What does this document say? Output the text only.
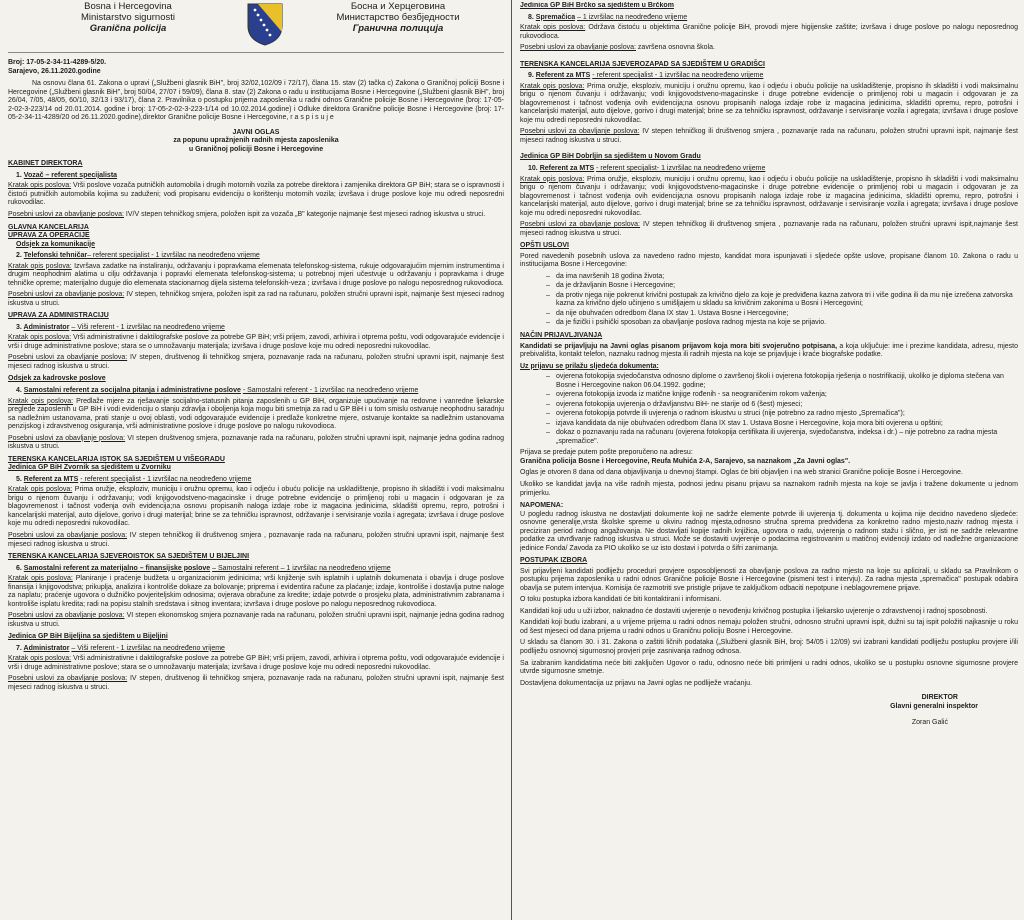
Bosna i Hercegovina
Ministarstvo sigurnosti
Granična policija
Босна и Херцеговина
Министарство безбједности
Гранична полиција
Broj: 17-05-2-34-11-4289-5/20.
Sarajevo, 26.11.2020.godine

Na osnovu člana 61. Zakona o upravi („Službeni glasnik BiH", broj 32/02,102/09 i 72/17), člana 15. stav (2) tačka c) Zakona o Graničnoj policiji Bosne i Hercegovine („Službeni glasnik BiH", broj 50/04, 27/07 i 59/09), člana 8. stav (2) Zakona o radu u institucijama Bosne i Hercegovine („Službeni glasnik BiH", broj 26/04, 7/05, 48/05, 60/10, 32/13 i 93/17), člana 2. Pravilnika o postupku prijema zaposlenika u radni odnos Granične policije Bosne i Hercegovine (broj: 17-05-2-02-3-223/14 od 20.01.2014. godine i broj: 17-05-2-02-3-223-1/14 od 10.02.2014.godine) i Odluke direktora Granične policije Bosne i Hercegovine (broj: 17-05-2-34-11-4289/20 od 26.11.2020.godine),direktor Granične policije Bosne i Hercegovine, r a s p i s u j e

JAVNI OGLAS
za popunu upražnjenih radnih mjesta zaposlenika
u Graničnoj policiji Bosne i Hercegovine
KABINET DIREKTORA
1. Vozač – referent specijalista

Kratak opis poslova: Vrši poslove vozača putničkih automobila i drugih motornih vozila za potrebe direktora i zamjenika direktora GP BiH; stara se o ispravnosti i čistoći putničkih automobila kojima su zaduženi; vodi propisanu evidenciju o korištenju motornih vozila; izvršava i druge poslove koje mu odredi neposredni rukovodilac.

Posebni uslovi za obavljanje poslova: IV/V stepen tehničkog smjera, položen ispit za vozača „B" kategorije najmanje šest mjeseci radnog iskustva u struci.

GLAVNA KANCELARIJA
UPRAVA ZA OPERACIJE
Odsjek za komunikacije
2. Telefonski tehničar– referent specijalist - 1 izvršilac na neodređeno vrijeme

Kratak opis poslova: Izvršava zadatke na instaliranju, održavanju i popravkama elemenata telefonskog-sistema, rukuje odgovarajućim mjernim instrumentima i drugim neophodnim alatima u cilju održavanja i popravki elemenata telefonskog-sistema; u potrebnoj mjeri učestvuje u održavanju i popravkama i druge tehničke opreme; materijalno duguje dio elemenata stacionarnog dijela sistema telefonskih-veza ; izvršava i druge poslove po nalogu neposrednog rukovodioca.

Posebni uslovi za obavljanje poslova: IV stepen, tehničkog smjera, položen ispit za rad na računaru, položen stručni upravni ispit, najmanje šest mjeseci radnog iskustva u struci.

UPRAVA ZA ADMINISTRACIJU
3. Administrator – Viši referent - 1 izvršilac na neodređeno vrijeme

Kratak opis poslova: Vrši administrativne i daktilografske poslove za potrebe GP BiH; vrši prijem, zavodi, arhivira i otprema poštu, vodi odgovarajuće evidencije i vrši i druge administrativne poslove; stara se o umnožavanju materijala; izvršava i druge poslove koje mu odredi neposredni rukovodilac.

Posebni uslovi za obavljanje poslova: IV stepen, društvenog ili tehničkog smjera, poznavanje rada na računaru, položen stručni upravni ispit, najmanje šest mjeseci radnog iskustva u struci.

Odsjek za kadrovske poslove
4. Samostalni referent za socijalna pitanja i administrativne poslove - Samostalni referent - 1 izvršilac na neodređeno vrijeme

Kratak opis poslova: Predlaže mjere za rješavanje socijalno-statusnih pitanja zaposlenih u GP BiH, organizuje upućivanje na redovne i vanredne ljekarske preglede zaposlenih u GP BiH i vodi evidenciju o stanju zdravlja i oboljenja koja mogu biti smetnja za rad u GP BiH i u tom smislu ostvaruje neophodnu saradnju sa nadležnim ustanovama, prati stanje u ovoj oblasti, vodi odgovarajuće evidencije i predlaže konkretne mjere, ostvaruje kontakte sa nadležnim ustanovama penzijskog i zdravstvenog osiguranja, vrši administrativne poslove i druge poslove po nalogu rukovodioca.

Posebni uslovi za obavljanje poslova: VI stepen društvenog smjera, poznavanje rada na računaru, položen stručni upravni ispit, najmanje jedna godina radnog iskustva u struci.

TERENSKA KANCELARIJA ISTOK SA SJEDIŠTEM U VIŠEGRADU
Jedinica GP BiH Zvornik sa sjedištem u Zvorniku
5. Referent za MTS - referent specijalist - 1 izvršilac na neodređeno vrijeme

Kratak opis poslova: Prima oružje, eksploziv, municiju i oružnu opremu, kao i odjeću i obuću policije na uskladištenje, propisno ih skladišti i vodi maksimalnu brigu o njenom čuvanju i održavanju; vodi knjigovodstveno-magacinske i druge potrebne evidencije o primljenoj robi u magacin i odgovaran je za blagovremenost i tačnost vođenja ovih evidencija;na osnovu propisanih naloga izdaje robe iz magacina jedinicima, skladišti opremu, repro, potrošni i kancelarijski materijal, auto dijelove, gorivo i drugi materijal; brine se za tehničku ispravnost, održavanje i servisiranje vozila i agregata; izvršava i druge poslove koje mu odredi neposredni rukovodilac.

Posebni uslovi za obavljanje poslova: IV stepen tehničkog ili društvenog smjera , poznavanje rada na računaru, položen stručni upravni ispit, najmanje šest mjeseci radnog iskustva u struci.

TERENSKA KANCELARIJA SJEVEROISTOK SA SJEDIŠTEM U BIJELJINI
6. Samostalni referent za materijalno – finansijske poslove – Samostalni referent – 1 izvršilac na neodređeno vrijeme

Kratak opis poslova: Planiranje i praćenje budžeta u organizacionim jedinicima; vrši knjiženje svih isplatnih i uplatnih dokumenata i obavlja i druge poslove finansija i knjigovodstva; prikuplja, analizira i kontroliše dokaze za bolovanje; priprema i evidentira račune za plaćanje; izdaje, kontroliše i dostavlja putne naloge za naplatu; praćenje ugovora o dužničko povjeriteljskim odnosima; ovjerava obračune za kredite; izdaje potvrde o prosjeku plata, administrativnim zabranama i kontroliše isplatu kredita; radi na popisu stalnih sredstava i sitnog inventara; izvršava i druge poslove po nalogu neposrednog rukovodioca.

Posebni uslovi za obavljanje poslova: VI stepen ekonomskog smjera poznavanje rada na računaru, položen stručni upravni ispit, najmanje jedna godina radnog iskustva u struci.

Jedinica GP BiH Bijeljina sa sjedištem u Bijeljini
7. Administrator – Viši referent - 1 izvršilac na neodređeno vrijeme

Kratak opis poslova: Vrši administrativne i daktilografske poslove za potrebe GP BiH; vrši prijem, zavodi, arhivira i otprema poštu, vodi odgovarajuće evidencije i vrši i druge administrativne poslove; stara se o umnožavanju materijala; izvršava i druge poslove koje mu odredi neposredni rukovodilac.

Posebni uslovi za obavljanje poslova: IV stepen, društvenog ili tehničkog smjera, poznavanje rada na računaru, položen stručni upravni ispit, najmanje šest mjeseci radnog iskustva u struci.

Jedinica GP BiH Brčko sa sjedištem u Brčkom
8. Spremačica – 1 izvršilac na neodređeno vrijeme

Kratak opis poslova: Održava čistoću u objektima Granične policije BiH, provodi mjere higijenske zaštite; izvršava i druge poslove po nalogu neposrednog rukovodioca.

Posebni uslovi za obavljanje poslova: završena osnovna škola.

TERENSKA KANCELARIJA SJEVEROZAPAD SA SJEDIŠTEM U GRADIŠCI
9. Referent za MTS - referent specijalist - 1 izvršilac na neodređeno vrijeme

Kratak opis poslova: Prima oružje, eksploziv, municiju i oružnu opremu, kao i odjeću i obuću policije na uskladištenje, propisno ih skladišti i vodi maksimalnu brigu o njenom čuvanju i održavanju; vodi knjigovodstveno-magacinske i druge potrebne evidencije o primljenoj robi u magacin i odgovaran je za blagovremenost i tačnost vođenja ovih evidencija;na osnovu propisanih naloga izdaje robe iz magacina jedinicima, skladišti opremu, repro, potrošni i kancelarijski materijal, auto dijelove, gorivo i drugi materijal; brine se za tehničku ispravnost, održavanje i servisiranje vozila i agregata; izvršava i druge poslove koje mu odredi neposredni rukovodilac.

Posebni uslovi za obavljanje poslova: IV stepen tehničkog ili društvenog smjera , poznavanje rada na računaru, položen stručni upravni ispit, najmanje šest mjeseci radnog iskustva u struci.

Jedinica GP BiH Dobrljin sa sjedištem u Novom Gradu
10. Referent za MTS - referent specijalist- 1 izvršilac na neodređeno vrijeme

Kratak opis poslova: Prima oružje, eksploziv, municiju i oružnu opremu, kao i odjeću i obuću policije na uskladištenje, propisno ih skladišti i vodi maksimalnu brigu o njenom čuvanju i održavanju; vodi knjigovodstveno-magacinske i druge potrebne evidencije o primljenoj robi u magacin i odgovaran je za blagovremenost i tačnost vođenja ovih evidencija;na osnovu propisanih naloga izdaje robe iz magacina jedinicima, skladišti opremu, repro, potrošni i kancelarijski materijal, auto dijelove, gorivo i drugi materijal; brine se za tehničku ispravnost, održavanje i servisiranje vozila i agregata; izvršava i druge poslove koje mu odredi neposredni rukovodilac.

Posebni uslovi za obavljanje poslova: IV stepen tehničkog ili društvenog smjera , poznavanje rada na računaru, položen stručni upravni ispit,najmanje šest mjeseci radnog iskustva u struci.

OPŠTI USLOVI

Pored navedenih posebnih uslova za navedeno radno mjesto, kandidat mora ispunjavati i sljedeće opšte uslove, propisane članom 10. Zakona o radu u institucijama Bosne i Hercegovine:

– da ima navršenih 18 godina života;
– da je državljanin Bosne i Hercegovine;
– da protiv njega nije pokrenut krivični postupak za krivično djelo za koje je predviđena kazna zatvora tri i više godina ili da mu nije izrečena zatvorska kazna za krivično djelo učinjeno s umišljajem u skladu sa krivičnim zakonima u Bosni i Hercegovini;
– da nije obuhvaćen odredbom člana IX stav 1. Ustava Bosne i Hercegovine;
– da je fizički i psihički sposoban za obavljanje poslova radnog mjesta na koje se prijavio.
NAČIN PRIJAVLJIVANJA

Kandidati se prijavljuju na Javni oglas pisanom prijavom koja mora biti svojeručno potpisana, a koja uključuje: ime i prezime kandidata, adresu, mjesto prebivališta, kontakt telefon, naznaku radnog mjesta ili radnih mjesta na koje se prijavljuje i kraće biografske podatke.

Uz prijavu se prilažu sljedeća dokumenta:
– ovjerena fotokopija svjedočanstva odnosno diplome o završenoj školi i ovjerena fotokopija rješenja o nostrifikaciji, ukoliko je diploma stečena van Bosne i Hercegovine nakon 06.04.1992. godine;
– ovjerena fotokopija izvoda iz matične knjige rođenih - sa neograničenim rokom važenja;
– ovjerena fotokopija uvjerenja o državljanstvu BiH- ne starije od 6 (šest) mjeseci;
– ovjerena fotokopija potvrde ili uvjerenja o radnom iskustvu u struci (nije potrebno za radno mjesto „Spremačica");
– izjava kandidata da nije obuhvaćen odredbom člana IX stav 1. Ustava Bosne i Hercegovine, koja mora biti ovjerena u opštini;
– dokaz o poznavanju rada na računaru (ovjerena fotokopija certifikata ili uvjerenja, svjedočanstva, indeksa i dr.) – nije potrebno za radna mjesta „spremačice".

Prijava se predaje putem pošte preporučeno na adresu:

Granična policija Bosne i Hercegovine, Reufa Muhića 2-A, Sarajevo, sa naznakom „Za Javni oglas".

Oglas je otvoren 8 dana od dana objavljivanja u dnevnoj štampi. Oglas će biti objavljen i na web stranici Granične policije Bosne i Hercegovine.

Ukoliko se kandidat javlja na više radnih mjesta, podnosi jednu pisanu prijavu sa naznakom radnih mjesta na koje se javlja i tražene dokumente u jednom primjerku.

NAPOMENA:

U pogledu radnog iskustva ne dostavljati dokumente koji ne sadrže elemente potvrde ili uvjerenja tj. dokumenta u kojima nije decidno navedeno sljedeće: osnovne generalije,vrsta školske spreme u okviru radnog mjesta,odnosno stručna sprema predviđena za konkretno radno mjesto,naziv radnog mjesta i preciziran period radnog angažovanja. Ne dostavljati kopije radnih knjižica, ugovora o radu, uvjerenja o radnom stažu i slično, jer isti ne sadrže relevantne podatke za utvrđivanje radnog iskustva u struci. Može se dostaviti uvjerenje o podacima registrovanim u matičnoj evidenciji izdato od nadležne organizacione jedinice Fonda/ Zavoda za PIO ukoliko se uz isto dostavi i potvrda o šifri zanimanja.

POSTUPAK IZBORA

Svi prijavljeni kandidati podliježu proceduri provjere osposobljenosti za obavljanje poslova za radno mjesto na koje su aplicirali, u skladu sa Pravilnikom o postupku prijema zaposlenika u radni odnos Granične policije Bosne i Hercegovine (pismeni test i intervju). Za radna mjesta „spremačica" postupak odabira obavlja se putem intervjua. Komisija će razmotriti sve pristigle prijave te zaključkom odbaciti nepotpune i neblagovremene prijave.

O toku postupka izbora kandidati će biti kontaktirani i informisani.

Kandidati koji udu u uži izbor, naknadno će dostaviti uvjerenje o nevođenju krivičnog postupka i ljekarsko uvjerenje o zdravstvenoj i radnoj sposobnosti.

Kandidati koji budu izabrani, a u vrijeme prijema u radni odnos nemaju položen stručni, odnosno stručni upravni ispit, dužni su taj ispit položiti najkasnije u roku od šest mjeseci od dana prijema u radni odnos u Graničnu policiju Bosne i Hercegovine.

U skladu sa članom 30. i 31. Zakona o zaštiti ličnih podataka („Službeni glasnik BiH, broj: 54/05 i 12/09) svi izabrani kandidati podliježu postupku provjere i/ili podliježu osnovnoj sigurnosnoj provjeri prije zasnivanja radnog odnosa.

Sa izabranim kandidatima neće biti zaključen Ugovor o radu, odnosno neće biti primljeni u radni odnos, ukoliko se u postupku osnovne sigurnosne provjere utvrde sigurnosne smetnje.

Dostavljena dokumentacija uz prijavu na Javni oglas ne podliježe vraćanju.

DIREKTOR
Glavni generalni inspektor
Zoran Galić
